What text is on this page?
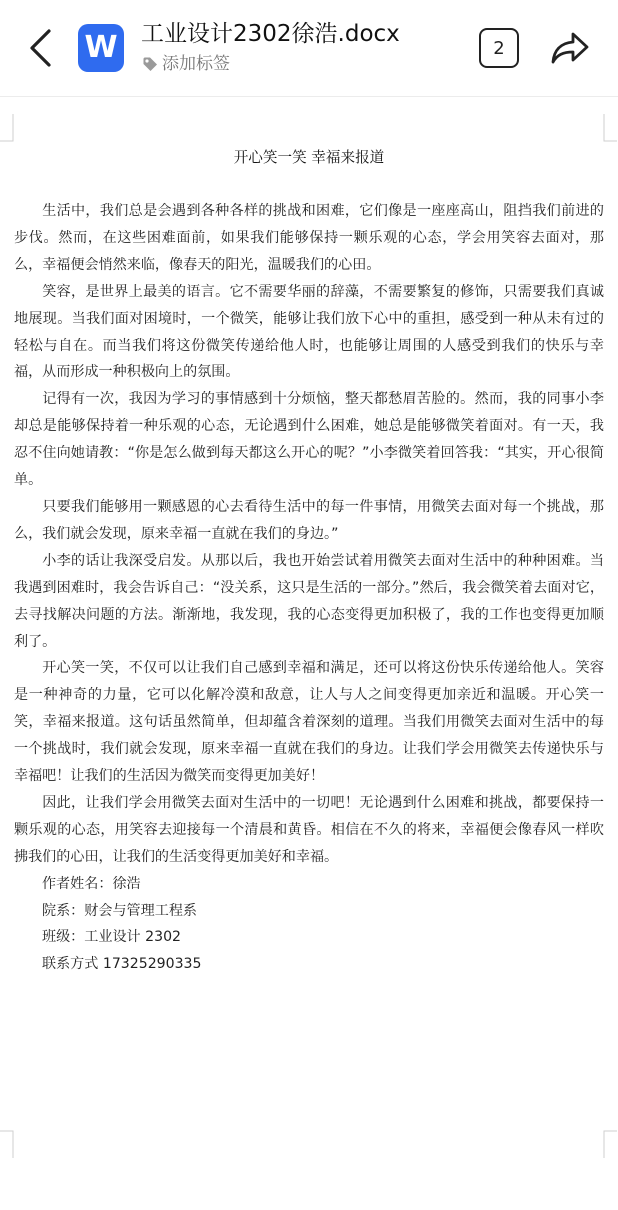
W 工业设计2302徐浩.docx
添加标签
2
开心笑一笑 幸福来报道

生活中，我们总是会遇到各种各样的挑战和困难，它们像是一座座高山，阻挡我们前进的步伐。然而，在这些困难面前，如果我们能够保持一颗乐观的心态，学会用笑容去面对，那么，幸福便会悄然来临，像春天的阳光，温暖我们的心田。

笑容，是世界上最美的语言。它不需要华丽的辞藻，不需要繁复的修饰，只需要我们真诚地展现。当我们面对困境时，一个微笑，能够让我们放下心中的重担，感受到一种从未有过的轻松与自在。而当我们将这份微笑传递给他人时，也能够让周围的人感受到我们的快乐与幸福，从而形成一种积极向上的氛围。

记得有一次，我因为学习的事情感到十分烦恼，整天都愁眉苦脸的。然而，我的同事小李却总是能够保持着一种乐观的心态，无论遇到什么困难，她总是能够微笑着面对。有一天，我忍不住向她请教：“你是怎么做到每天都这么开心的呢？”小李微笑着回答我：“其实，开心很简单。

只要我们能够用一颗感恩的心去看待生活中的每一件事情，用微笑去面对每一个挑战，那么，我们就会发现，原来幸福一直就在我们的身边。”

小李的话让我深受启发。从那以后，我也开始尝试着用微笑去面对生活中的种种困难。当我遇到困难时，我会告诉自己：“没关系，这只是生活的一部分。”然后，我会微笑着去面对它，去寻找解决问题的方法。渐渐地，我发现，我的心态变得更加积极了，我的工作也变得更加顺利了。

开心笑一笑，不仅可以让我们自己感到幸福和满足，还可以将这份快乐传递给他人。笑容是一种神奇的力量，它可以化解冷漠和敌意，让人与人之间变得更加亲近和温暖。开心笑一笑，幸福来报道。这句话虽然简单，但却蕴含着深刻的道理。当我们用微笑去面对生活中的每一个挑战时，我们就会发现，原来幸福一直就在我们的身边。让我们学会用微笑去传递快乐与幸福吧！让我们的生活因为微笑而变得更加美好！

因此，让我们学会用微笑去面对生活中的一切吧！无论遇到什么困难和挑战，都要保持一颗乐观的心态，用笑容去迎接每一个清晨和黄昏。相信在不久的将来，幸福便会像春风一样吹拂我们的心田，让我们的生活变得更加美好和幸福。

作者姓名：徐浩

院系：财会与管理工程系

班级：工业设计 2302

联系方式 17325290335
